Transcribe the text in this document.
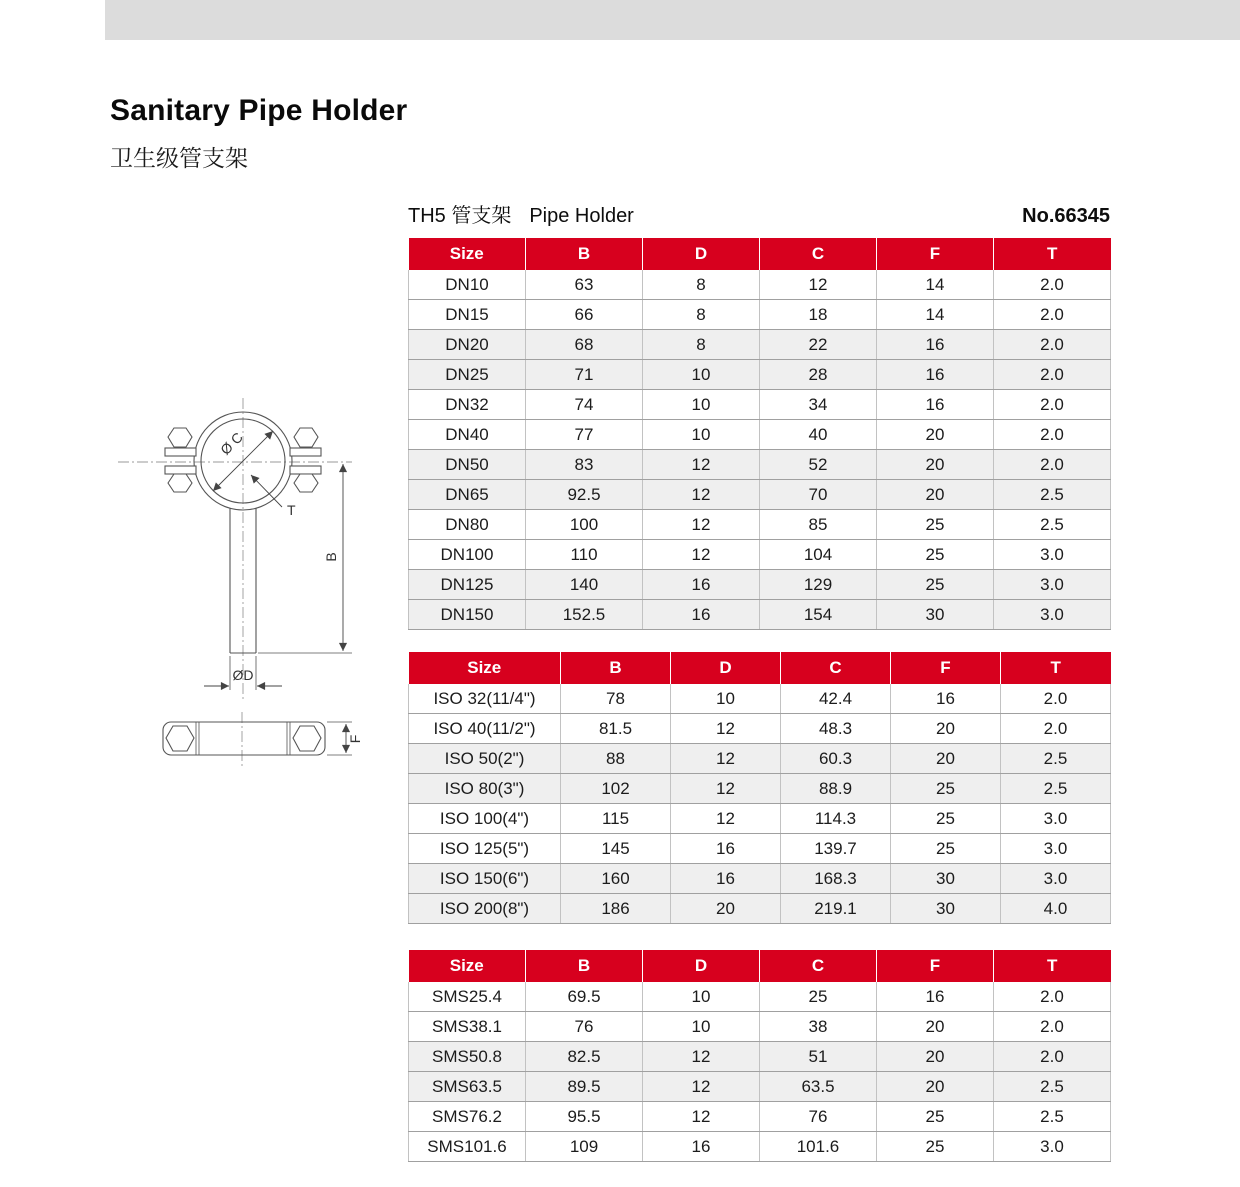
Sanitary Pipe Holder
卫生级管支架
TH5 管支架 Pipe Holder	No.66345
Ø C
T
B
ØD
F
Size	B	D	C	F	T
DN10	63	8	12	14	2.0
DN15	66	8	18	14	2.0
DN20	68	8	22	16	2.0
DN25	71	10	28	16	2.0
DN32	74	10	34	16	2.0
DN40	77	10	40	20	2.0
DN50	83	12	52	20	2.0
DN65	92.5	12	70	20	2.5
DN80	100	12	85	25	2.5
DN100	110	12	104	25	3.0
DN125	140	16	129	25	3.0
DN150	152.5	16	154	30	3.0
Size	B	D	C	F	T
ISO 32(11/4")	78	10	42.4	16	2.0
ISO 40(11/2")	81.5	12	48.3	20	2.0
ISO 50(2")	88	12	60.3	20	2.5
ISO 80(3")	102	12	88.9	25	2.5
ISO 100(4")	115	12	114.3	25	3.0
ISO 125(5")	145	16	139.7	25	3.0
ISO 150(6")	160	16	168.3	30	3.0
ISO 200(8")	186	20	219.1	30	4.0
Size	B	D	C	F	T
SMS25.4	69.5	10	25	16	2.0
SMS38.1	76	10	38	20	2.0
SMS50.8	82.5	12	51	20	2.0
SMS63.5	89.5	12	63.5	20	2.5
SMS76.2	95.5	12	76	25	2.5
SMS101.6	109	16	101.6	25	3.0
